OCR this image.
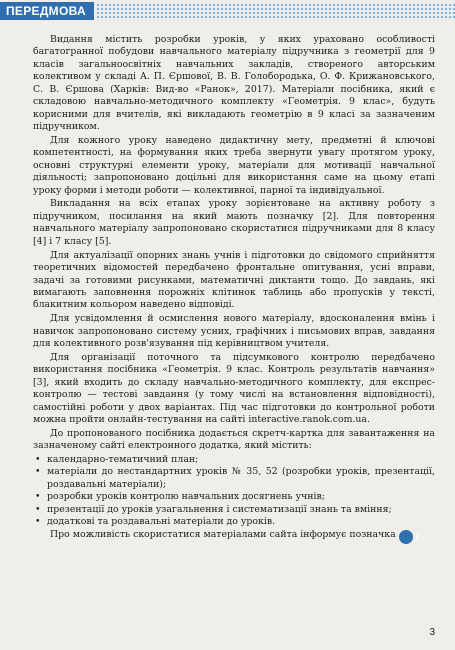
ПЕРЕДМОВА

Видання містить розробки уроків, у яких ураховано особливості багатогранної побудови навчального матеріалу підручника з геометрії для 9 класів загальноосвітніх навчальних закладів, створеного авторським колективом у складі А. П. Єршової, В. В. Голобородька, О. Ф. Крижановського, С. В. Єршова (Харків: Вид-во «Ранок», 2017). Матеріали посібника, який є складовою навчально-методичного комплекту «Геометрія. 9 клас», будуть корисними для вчителів, які викладають геометрію в 9 класі за зазначеним підручником.

Для кожного уроку наведено дидактичну мету, предметні й ключові компетентності, на формування яких треба звернути увагу протягом уроку, основні структурні елементи уроку, матеріали для мотивації навчальної діяльності; запропоновано доцільні для використання саме на цьому етапі уроку форми і методи роботи — колективної, парної та індивідуальної.

Викладання на всіх етапах уроку зорієнтоване на активну роботу з підручником, посилання на який мають позначку [2]. Для повторення навчального матеріалу запропоновано скористатися підручниками для 8 класу [4] і 7 класу [5].

Для актуалізації опорних знань учнів і підготовки до свідомого сприйняття теоретичних відомостей передбачено фронтальне опитування, усні вправи, задачі за готовими рисунками, математичні диктанти тощо. До завдань, які вимагають заповнення порожніх клітинок таблиць або пропусків у тексті, блакитним кольором наведено відповіді.

Для усвідомлення й осмислення нового матеріалу, вдосконалення вмінь і навичок запропоновано систему усних, графічних і письмових вправ, завдання для колективного розв'язування під керівництвом учителя.

Для організації поточного та підсумкового контролю передбачено використання посібника «Геометрія. 9 клас. Контроль результатів навчання» [3], який входить до складу навчально-методичного комплекту, для експрес-контролю — тестові завдання (у тому числі на встановлення відповідності), самостійні роботи у двох варіантах. Під час підготовки до контрольної роботи можна пройти онлайн-тестування на сайті interactive.ranok.com.ua.

До пропонованого посібника додається скретч-картка для завантаження на зазначеному сайті електронного додатка, який містить:

• календарно-тематичний план;
• матеріали до нестандартних уроків № 35, 52 (розробки уроків, презентації, роздавальні матеріали);
• розробки уроків контролю навчальних досягнень учнів;
• презентації до уроків узагальнення і систематизації знань та вміння;
• додаткові та роздавальні матеріали до уроків.

Про можливість скористатися матеріалами сайта інформує позначка i

3
